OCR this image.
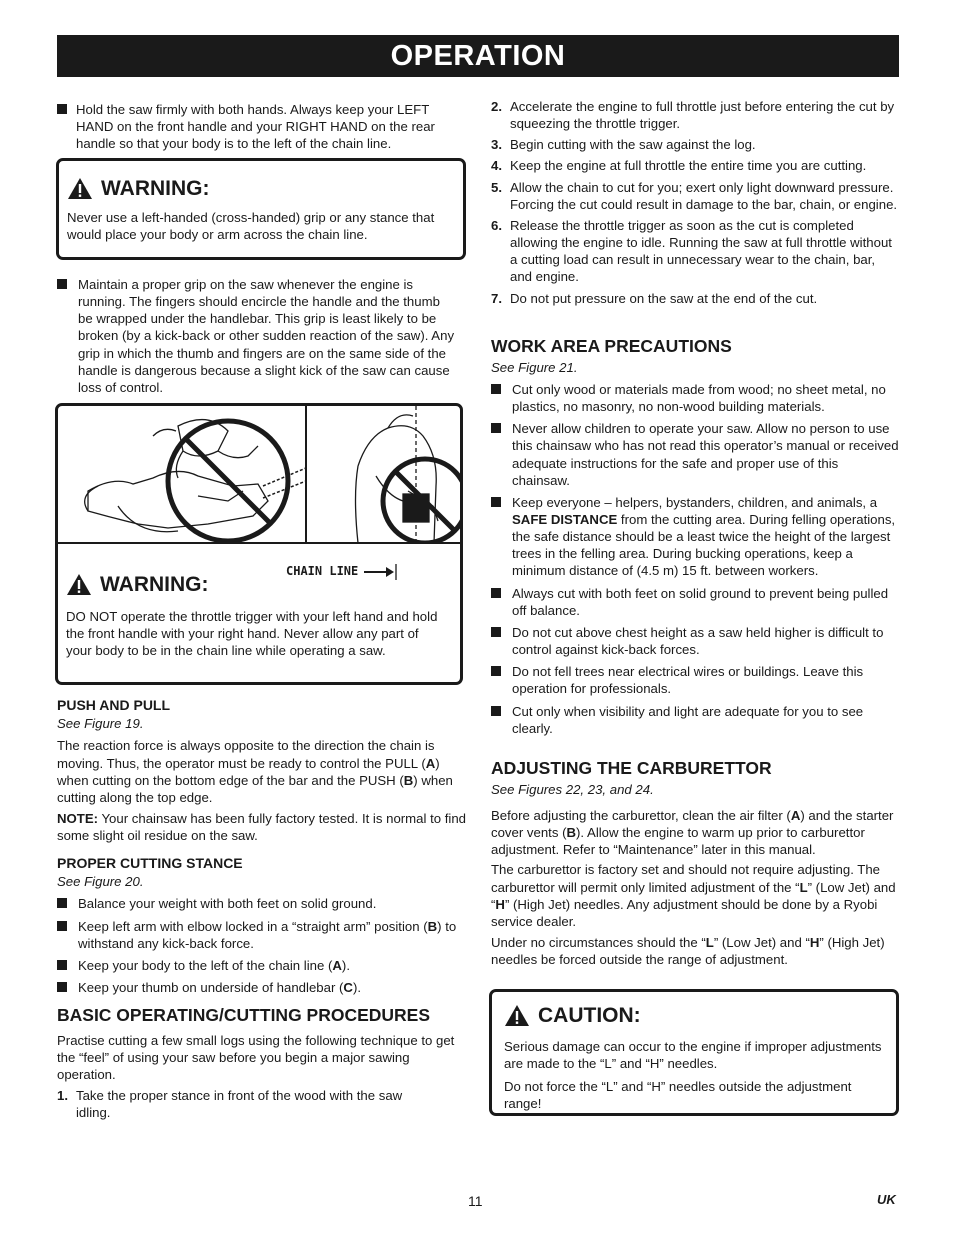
OPERATION
Hold the saw firmly with both hands. Always keep your LEFT HAND on the front handle and your RIGHT HAND on the rear handle so that your body is to the left of the chain line.
WARNING:
Never use a left-handed (cross-handed) grip or any stance that would place your body or arm across the chain line.
Maintain a proper grip on the saw whenever the engine is running. The fingers should encircle the handle and the thumb be wrapped under the handlebar. This grip is least likely to be broken (by a kick-back or other sudden reaction of the saw). Any grip in which the thumb and fingers are on the same side of the handle is dangerous because a slight kick of the saw can cause loss of control.
CHAIN LINE
WARNING:
DO NOT operate the throttle trigger with your left hand and hold the front handle with your right hand. Never allow any part of your body to be in the chain line while operating a saw.
PUSH AND PULL
See Figure 19.

The reaction force is always opposite to the direction the chain is moving. Thus, the operator must be ready to control the PULL (A) when cutting on the bottom edge of the bar and the PUSH (B) when cutting along the top edge.

NOTE: Your chainsaw has been fully factory tested. It is normal to find some slight oil residue on the saw.

PROPER CUTTING STANCE
See Figure 20.
Balance your weight with both feet on solid ground.
Keep left arm with elbow locked in a “straight arm” position (B) to withstand any kick-back force.
Keep your body to the left of the chain line (A).
Keep your thumb on underside of handlebar (C).
BASIC OPERATING/CUTTING PROCEDURES

Practise cutting a few small logs using the following technique to get the “feel” of using your saw before you begin a major sawing operation.

1. Take the proper stance in front of the wood with the saw idling.
2. Accelerate the engine to full throttle just before entering the cut by squeezing the throttle trigger.
3. Begin cutting with the saw against the log.
4. Keep the engine at full throttle the entire time you are cutting.
5. Allow the chain to cut for you; exert only light downward pressure. Forcing the cut could result in damage to the bar, chain, or engine.
6. Release the throttle trigger as soon as the cut is completed allowing the engine to idle. Running the saw at full throttle without a cutting load can result in unnecessary wear to the chain, bar, and engine.
7. Do not put pressure on the saw at the end of the cut.
WORK AREA PRECAUTIONS
See Figure 21.
Cut only wood or materials made from wood; no sheet metal, no plastics, no masonry, no non-wood building materials.
Never allow children to operate your saw. Allow no person to use this chainsaw who has not read this operator’s manual or received adequate instructions for the safe and proper use of this chainsaw.
Keep everyone – helpers, bystanders, children, and animals, a SAFE DISTANCE from the cutting area. During felling operations, the safe distance should be a least twice the height of the largest trees in the felling area. During bucking operations, keep a minimum distance of (4.5 m) 15 ft. between workers.
Always cut with both feet on solid ground to prevent being pulled off balance.
Do not cut above chest height as a saw held higher is difficult to control against kick-back forces.
Do not fell trees near electrical wires or buildings. Leave this operation for professionals.
Cut only when visibility and light are adequate for you to see clearly.
ADJUSTING THE CARBURETTOR
See Figures 22, 23, and 24.

Before adjusting the carburettor, clean the air filter (A) and the starter cover vents (B). Allow the engine to warm up prior to carburettor adjustment. Refer to “Maintenance” later in this manual.

The carburettor is factory set and should not require adjusting. The carburettor will permit only limited adjustment of the “L” (Low Jet) and “H” (High Jet) needles. Any adjustment should be done by a Ryobi service dealer.

Under no circumstances should the “L” (Low Jet) and “H” (High Jet) needles be forced outside the range of adjustment.

CAUTION:

Serious damage can occur to the engine if improper adjustments are made to the “L” and “H” needles.

Do not force the “L” and “H” needles outside the adjustment range!

11	UK
